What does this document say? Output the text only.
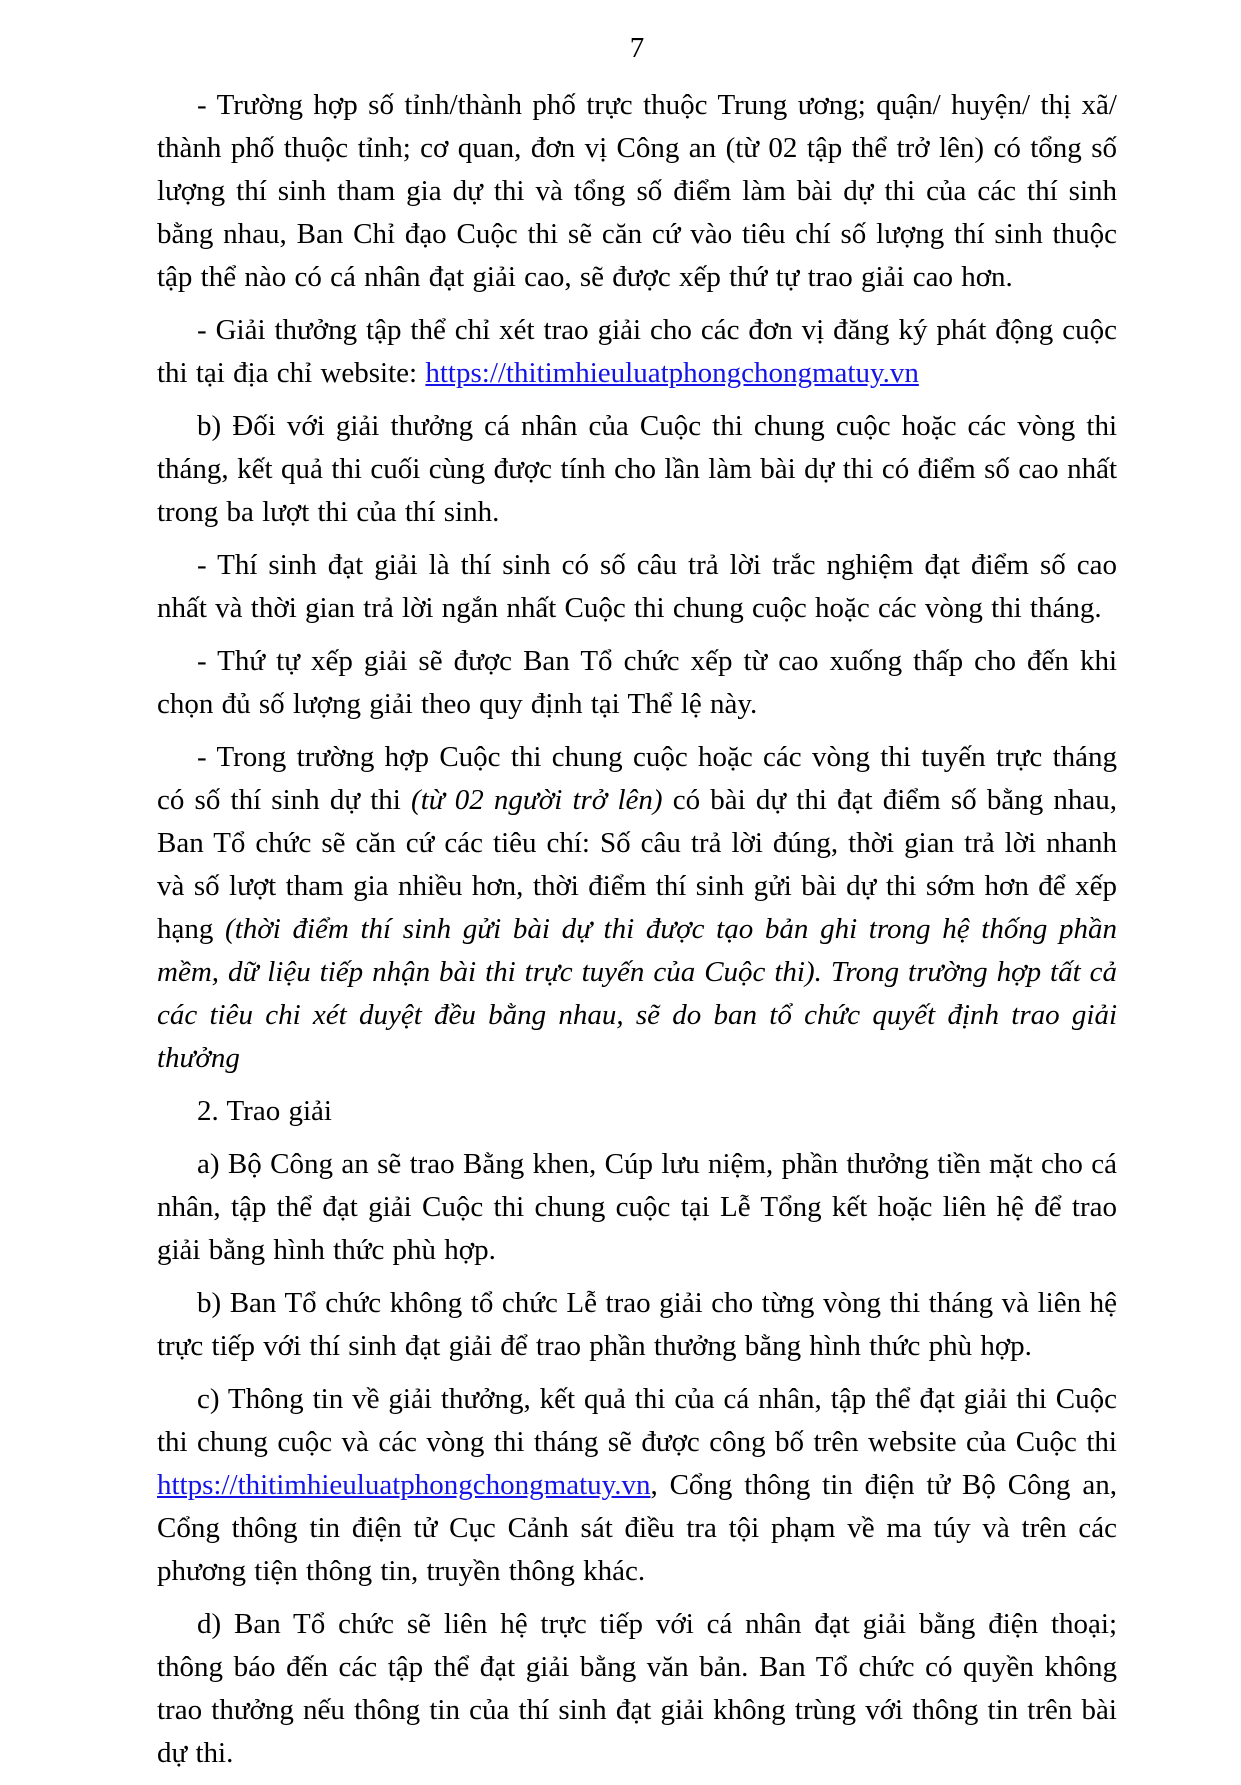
7

- Trường hợp số tỉnh/thành phố trực thuộc Trung ương; quận/ huyện/ thị xã/ thành phố thuộc tỉnh; cơ quan, đơn vị Công an (từ 02 tập thể trở lên) có tổng số lượng thí sinh tham gia dự thi và tổng số điểm làm bài dự thi của các thí sinh bằng nhau, Ban Chỉ đạo Cuộc thi sẽ căn cứ vào tiêu chí số lượng thí sinh thuộc tập thể nào có cá nhân đạt giải cao, sẽ được xếp thứ tự trao giải cao hơn.

- Giải thưởng tập thể chỉ xét trao giải cho các đơn vị đăng ký phát động cuộc thi tại địa chỉ website: https://thitimhieuluatphongchongmatuy.vn

b) Đối với giải thưởng cá nhân của Cuộc thi chung cuộc hoặc các vòng thi tháng, kết quả thi cuối cùng được tính cho lần làm bài dự thi có điểm số cao nhất trong ba lượt thi của thí sinh.

- Thí sinh đạt giải là thí sinh có số câu trả lời trắc nghiệm đạt điểm số cao nhất và thời gian trả lời ngắn nhất Cuộc thi chung cuộc hoặc các vòng thi tháng.

- Thứ tự xếp giải sẽ được Ban Tổ chức xếp từ cao xuống thấp cho đến khi chọn đủ số lượng giải theo quy định tại Thể lệ này.

- Trong trường hợp Cuộc thi chung cuộc hoặc các vòng thi tuyến trực tháng có số thí sinh dự thi (từ 02 người trở lên) có bài dự thi đạt điểm số bằng nhau, Ban Tổ chức sẽ căn cứ các tiêu chí: Số câu trả lời đúng, thời gian trả lời nhanh và số lượt tham gia nhiều hơn, thời điểm thí sinh gửi bài dự thi sớm hơn để xếp hạng (thời điểm thí sinh gửi bài dự thi được tạo bản ghi trong hệ thống phần mềm, dữ liệu tiếp nhận bài thi trực tuyến của Cuộc thi). Trong trường hợp tất cả các tiêu chi xét duyệt đều bằng nhau, sẽ do ban tổ chức quyết định trao giải thưởng

2. Trao giải

a) Bộ Công an sẽ trao Bằng khen, Cúp lưu niệm, phần thưởng tiền mặt cho cá nhân, tập thể đạt giải Cuộc thi chung cuộc tại Lễ Tổng kết hoặc liên hệ để trao giải bằng hình thức phù hợp.

b) Ban Tổ chức không tổ chức Lễ trao giải cho từng vòng thi tháng và liên hệ trực tiếp với thí sinh đạt giải để trao phần thưởng bằng hình thức phù hợp.

c) Thông tin về giải thưởng, kết quả thi của cá nhân, tập thể đạt giải thi Cuộc thi chung cuộc và các vòng thi tháng sẽ được công bố trên website của Cuộc thi https://thitimhieuluatphongchongmatuy.vn, Cổng thông tin điện tử Bộ Công an, Cổng thông tin điện tử Cục Cảnh sát điều tra tội phạm về ma túy và trên các phương tiện thông tin, truyền thông khác.

d) Ban Tổ chức sẽ liên hệ trực tiếp với cá nhân đạt giải bằng điện thoại; thông báo đến các tập thể đạt giải bằng văn bản. Ban Tổ chức có quyền không trao thưởng nếu thông tin của thí sinh đạt giải không trùng với thông tin trên bài dự thi.
